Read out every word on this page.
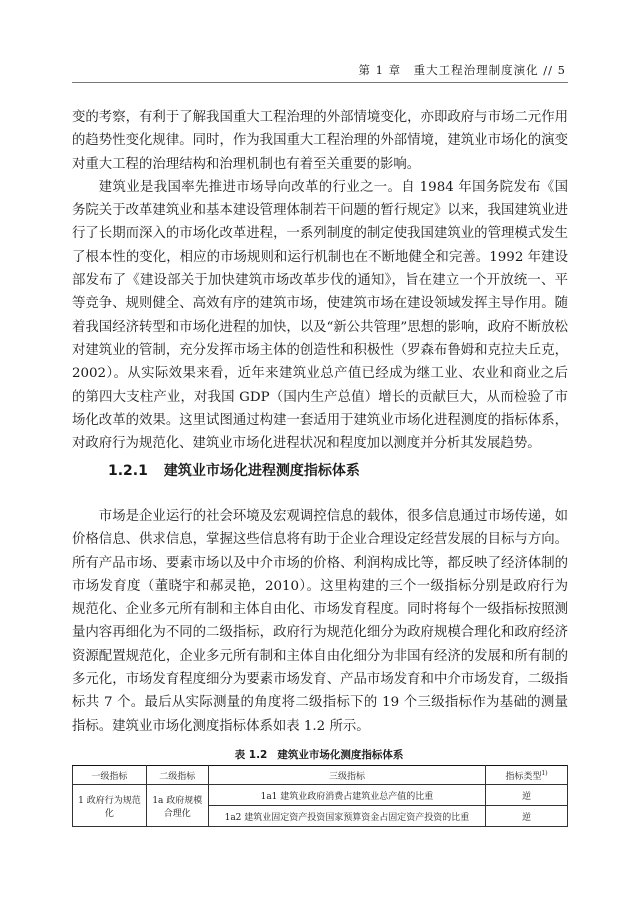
第 1 章　重大工程治理制度演化 // 5

变的考察，有利于了解我国重大工程治理的外部情境变化，亦即政府与市场二元作用的趋势性变化规律。同时，作为我国重大工程治理的外部情境，建筑业市场化的演变对重大工程的治理结构和治理机制也有着至关重要的影响。

建筑业是我国率先推进市场导向改革的行业之一。自 1984 年国务院发布《国务院关于改革建筑业和基本建设管理体制若干问题的暂行规定》以来，我国建筑业进行了长期而深入的市场化改革进程，一系列制度的制定使我国建筑业的管理模式发生了根本性的变化，相应的市场规则和运行机制也在不断地健全和完善。1992 年建设部发布了《建设部关于加快建筑市场改革步伐的通知》，旨在建立一个开放统一、平等竞争、规则健全、高效有序的建筑市场，使建筑市场在建设领域发挥主导作用。随着我国经济转型和市场化进程的加快，以及“新公共管理”思想的影响，政府不断放松对建筑业的管制，充分发挥市场主体的创造性和积极性（罗森布鲁姆和克拉夫丘克，2002）。从实际效果来看，近年来建筑业总产值已经成为继工业、农业和商业之后的第四大支柱产业，对我国 GDP（国内生产总值）增长的贡献巨大，从而检验了市场化改革的效果。这里试图通过构建一套适用于建筑业市场化进程测度的指标体系，对政府行为规范化、建筑业市场化进程状况和程度加以测度并分析其发展趋势。

1.2.1 建筑业市场化进程测度指标体系

市场是企业运行的社会环境及宏观调控信息的载体，很多信息通过市场传递，如价格信息、供求信息，掌握这些信息将有助于企业合理设定经营发展的目标与方向。所有产品市场、要素市场以及中介市场的价格、利润构成比等，都反映了经济体制的市场发育度（董晓宇和郝灵艳，2010）。这里构建的三个一级指标分别是政府行为规范化、企业多元所有制和主体自由化、市场发育程度。同时将每个一级指标按照测量内容再细化为不同的二级指标，政府行为规范化细分为政府规模合理化和政府经济资源配置规范化，企业多元所有制和主体自由化细分为非国有经济的发展和所有制的多元化，市场发育程度细分为要素市场发育、产品市场发育和中介市场发育，二级指标共 7 个。最后从实际测量的角度将二级指标下的 19 个三级指标作为基础的测量指标。建筑业市场化测度指标体系如表 1.2 所示。

表 1.2 建筑业市场化测度指标体系
一级指标	二级指标	三级指标	指标类型$^{1)}$
1 政府行为规范化	1a 政府规模合理化	1a1 建筑业政府消费占建筑业总产值的比重	逆
		1a2 建筑业固定资产投资国家预算资金占固定资产投资的比重	逆
